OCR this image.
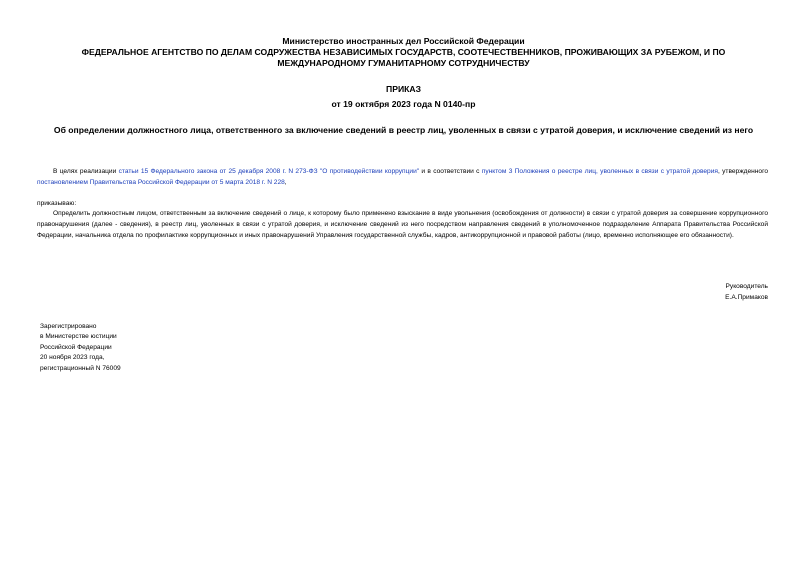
Министерство иностранных дел Российской Федерации
ФЕДЕРАЛЬНОЕ АГЕНТСТВО ПО ДЕЛАМ СОДРУЖЕСТВА НЕЗАВИСИМЫХ ГОСУДАРСТВ, СООТЕЧЕСТВЕННИКОВ, ПРОЖИВАЮЩИХ ЗА РУБЕЖОМ, И ПО
МЕЖДУНАРОДНОМУ ГУМАНИТАРНОМУ СОТРУДНИЧЕСТВУ
ПРИКАЗ
от 19 октября 2023 года N 0140-пр
Об определении должностного лица, ответственного за включение сведений в реестр лиц, уволенных в связи с утратой доверия, и исключение сведений из него
В целях реализации статьи 15 Федерального закона от 25 декабря 2008 г. N 273-ФЗ "О противодействии коррупции" и в соответствии с пунктом 3 Положения о реестре лиц, уволенных в связи с утратой доверия, утвержденного постановлением Правительства Российской Федерации от 5 марта 2018 г. N 228,
приказываю:
Определить должностным лицом, ответственным за включение сведений о лице, к которому было применено взыскание в виде увольнения (освобождения от должности) в связи с утратой доверия за совершение коррупционного правонарушения (далее - сведения), в реестр лиц, уволенных в связи с утратой доверия, и исключение сведений из него посредством направления сведений в уполномоченное подразделение Аппарата Правительства Российской Федерации, начальника отдела по профилактике коррупционных и иных правонарушений Управления государственной службы, кадров, антикоррупционной и правовой работы (лицо, временно исполняющее его обязанности).
Руководитель
Е.А.Примаков
Зарегистрировано
в Министерстве юстиции
Российской Федерации
20 ноября 2023 года,
регистрационный N 76009
